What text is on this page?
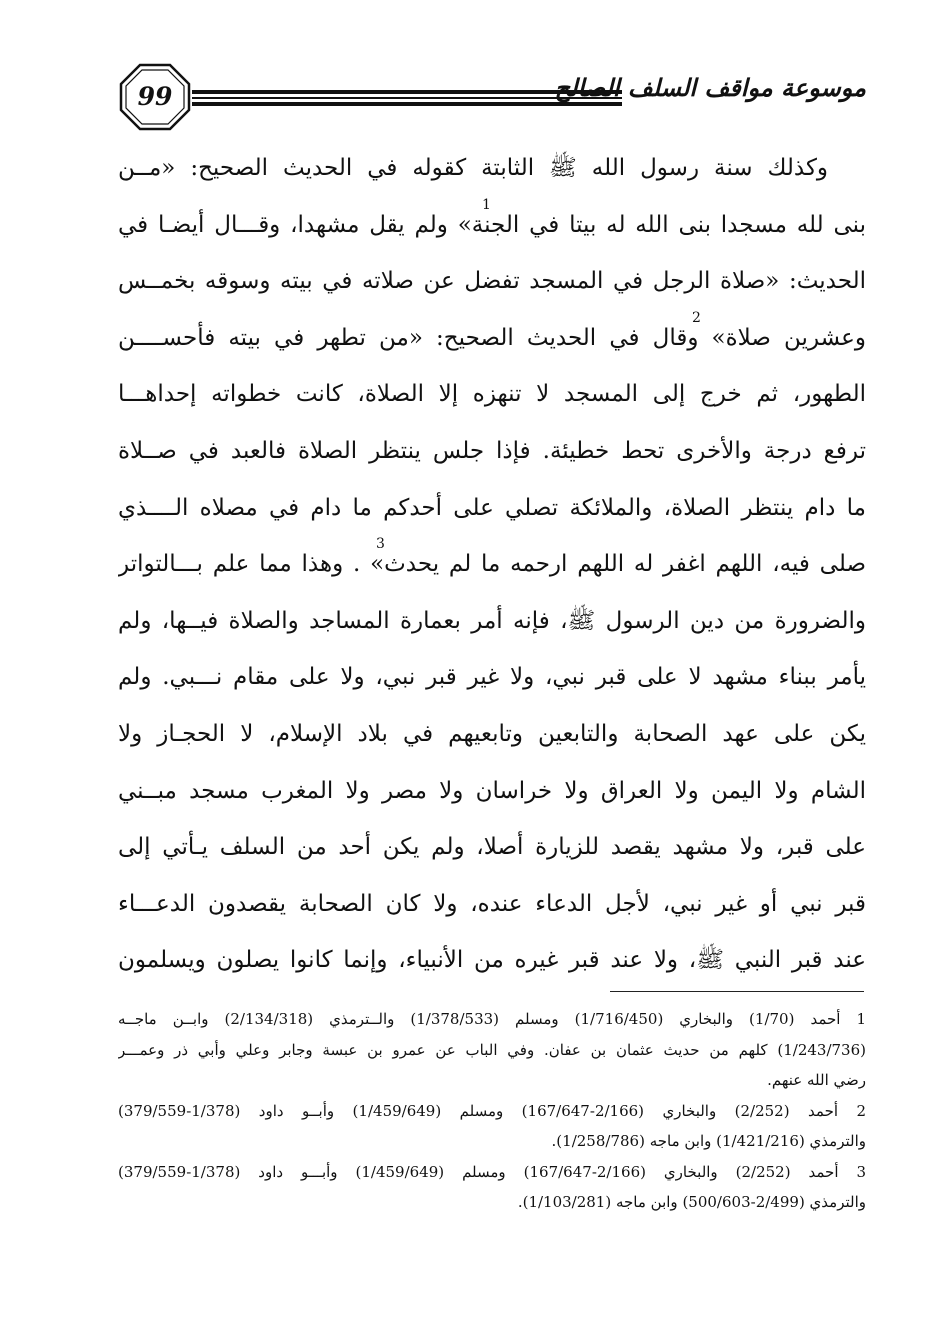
99	موسوعة مواقف السلف الصالح
وكذلك سنة رسول الله ﷺ الثابتة كقوله في الحديث الصحيح: «مــن
بنى لله مسجدا بنى الله له بيتا في الجنة» ولم يقل مشهدا، وقـــال أيضـا في
الحديث: «صلاة الرجل في المسجد تفضل عن صلاته في بيته وسوقه بخمــس
وعشرين صلاة» وقال في الحديث الصحيح: «من تطهر في بيته فأحســــن
الطهور، ثم خرج إلى المسجد لا تنهزه إلا الصلاة، كانت خطواته إحداهـــا
ترفع درجة والأخرى تحط خطيئة. فإذا جلس ينتظر الصلاة فالعبد في صــلاة
ما دام ينتظر الصلاة، والملائكة تصلي على أحدكم ما دام في مصلاه الــــذي
صلى فيه، اللهم اغفر له اللهم ارحمه ما لم يحدث» . وهذا مما علم بـــالتواتر
والضرورة من دين الرسول ﷺ، فإنه أمر بعمارة المساجد والصلاة فيــها، ولم
يأمر ببناء مشهد لا على قبر نبي، ولا غير قبر نبي، ولا على مقام نـــبي. ولم
يكن على عهد الصحابة والتابعين وتابعيهم في بلاد الإسلام، لا الحجـاز ولا
الشام ولا اليمن ولا العراق ولا خراسان ولا مصر ولا المغرب مسجد مبــني
على قبر، ولا مشهد يقصد للزيارة أصلا، ولم يكن أحد من السلف يـأتي إلى
قبر نبي أو غير نبي، لأجل الدعاء عنده، ولا كان الصحابة يقصدون الدعـــاء
عند قبر النبي ﷺ، ولا عند قبر غيره من الأنبياء، وإنما كانوا يصلون ويسلمون
1
2
3
1 أحمد (1/70) والبخاري (1/716/450) ومسلم (1/378/533) والــترمذي (2/134/318) وابــن ماجــه
(1/243/736) كلهم من حديث عثمان بن عفان. وفي الباب عن عمرو بن عبسة وجابر وعلي وأبي ذر وعمـــر
رضي الله عنهم.
2 أحمد (2/252) والبخاري (2/166-167/647) ومسلم (1/459/649) وأبــو داود (1/378-379/559)
والترمذي (1/421/216) وابن ماجه (1/258/786).
3 أحمد (2/252) والبخاري (2/166-167/647) ومسلم (1/459/649) وأبـــو داود (1/378-379/559)
والترمذي (2/499-500/603) وابن ماجه (1/103/281).
